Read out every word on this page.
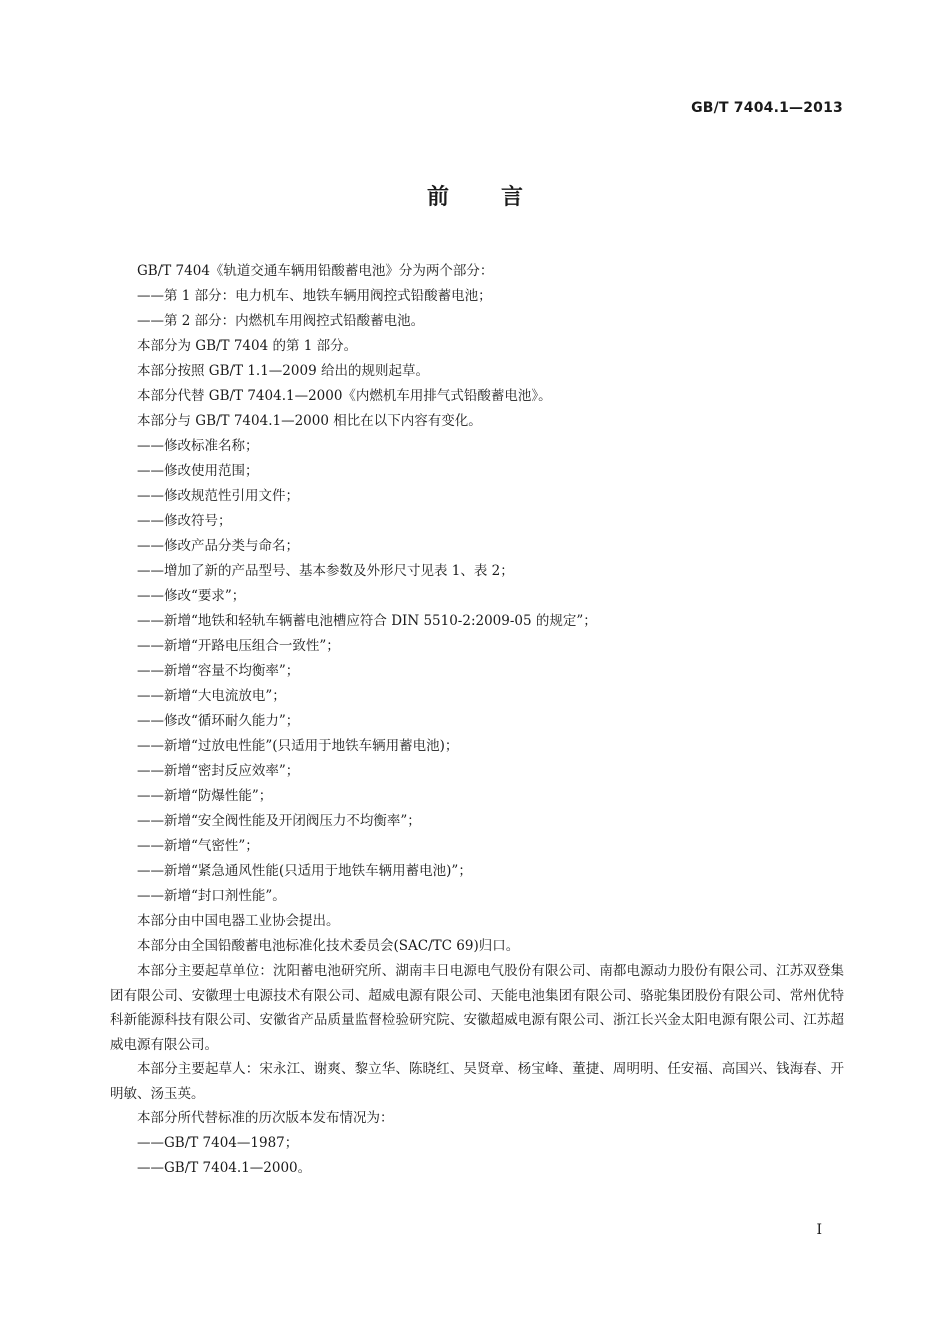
GB/T 7404.1—2013
前言

GB/T 7404《轨道交通车辆用铅酸蓄电池》分为两个部分：

——第 1 部分：电力机车、地铁车辆用阀控式铅酸蓄电池；

——第 2 部分：内燃机车用阀控式铅酸蓄电池。

本部分为 GB/T 7404 的第 1 部分。

本部分按照 GB/T 1.1—2009 给出的规则起草。

本部分代替 GB/T 7404.1—2000《内燃机车用排气式铅酸蓄电池》。

本部分与 GB/T 7404.1—2000 相比在以下内容有变化。

——修改标准名称；

——修改使用范围；

——修改规范性引用文件；

——修改符号；

——修改产品分类与命名；

——增加了新的产品型号、基本参数及外形尺寸见表 1、表 2；

——修改“要求”；

——新增“地铁和轻轨车辆蓄电池槽应符合 DIN 5510-2:2009-05 的规定”；

——新增“开路电压组合一致性”；

——新增“容量不均衡率”；

——新增“大电流放电”；

——修改“循环耐久能力”；

——新增“过放电性能”(只适用于地铁车辆用蓄电池)；

——新增“密封反应效率”；

——新增“防爆性能”；

——新增“安全阀性能及开闭阀压力不均衡率”；

——新增“气密性”；

——新增“紧急通风性能(只适用于地铁车辆用蓄电池)”；

——新增“封口剂性能”。

本部分由中国电器工业协会提出。

本部分由全国铅酸蓄电池标准化技术委员会(SAC/TC 69)归口。

本部分主要起草单位：沈阳蓄电池研究所、湖南丰日电源电气股份有限公司、南都电源动力股份有限公司、江苏双登集团有限公司、安徽理士电源技术有限公司、超威电源有限公司、天能电池集团有限公司、骆驼集团股份有限公司、常州优特科新能源科技有限公司、安徽省产品质量监督检验研究院、安徽超威电源有限公司、浙江长兴金太阳电源有限公司、江苏超威电源有限公司。

本部分主要起草人：宋永江、谢爽、黎立华、陈晓红、吴贤章、杨宝峰、董捷、周明明、任安福、高国兴、钱海春、开明敏、汤玉英。

本部分所代替标准的历次版本发布情况为：

——GB/T 7404—1987；

——GB/T 7404.1—2000。

I
